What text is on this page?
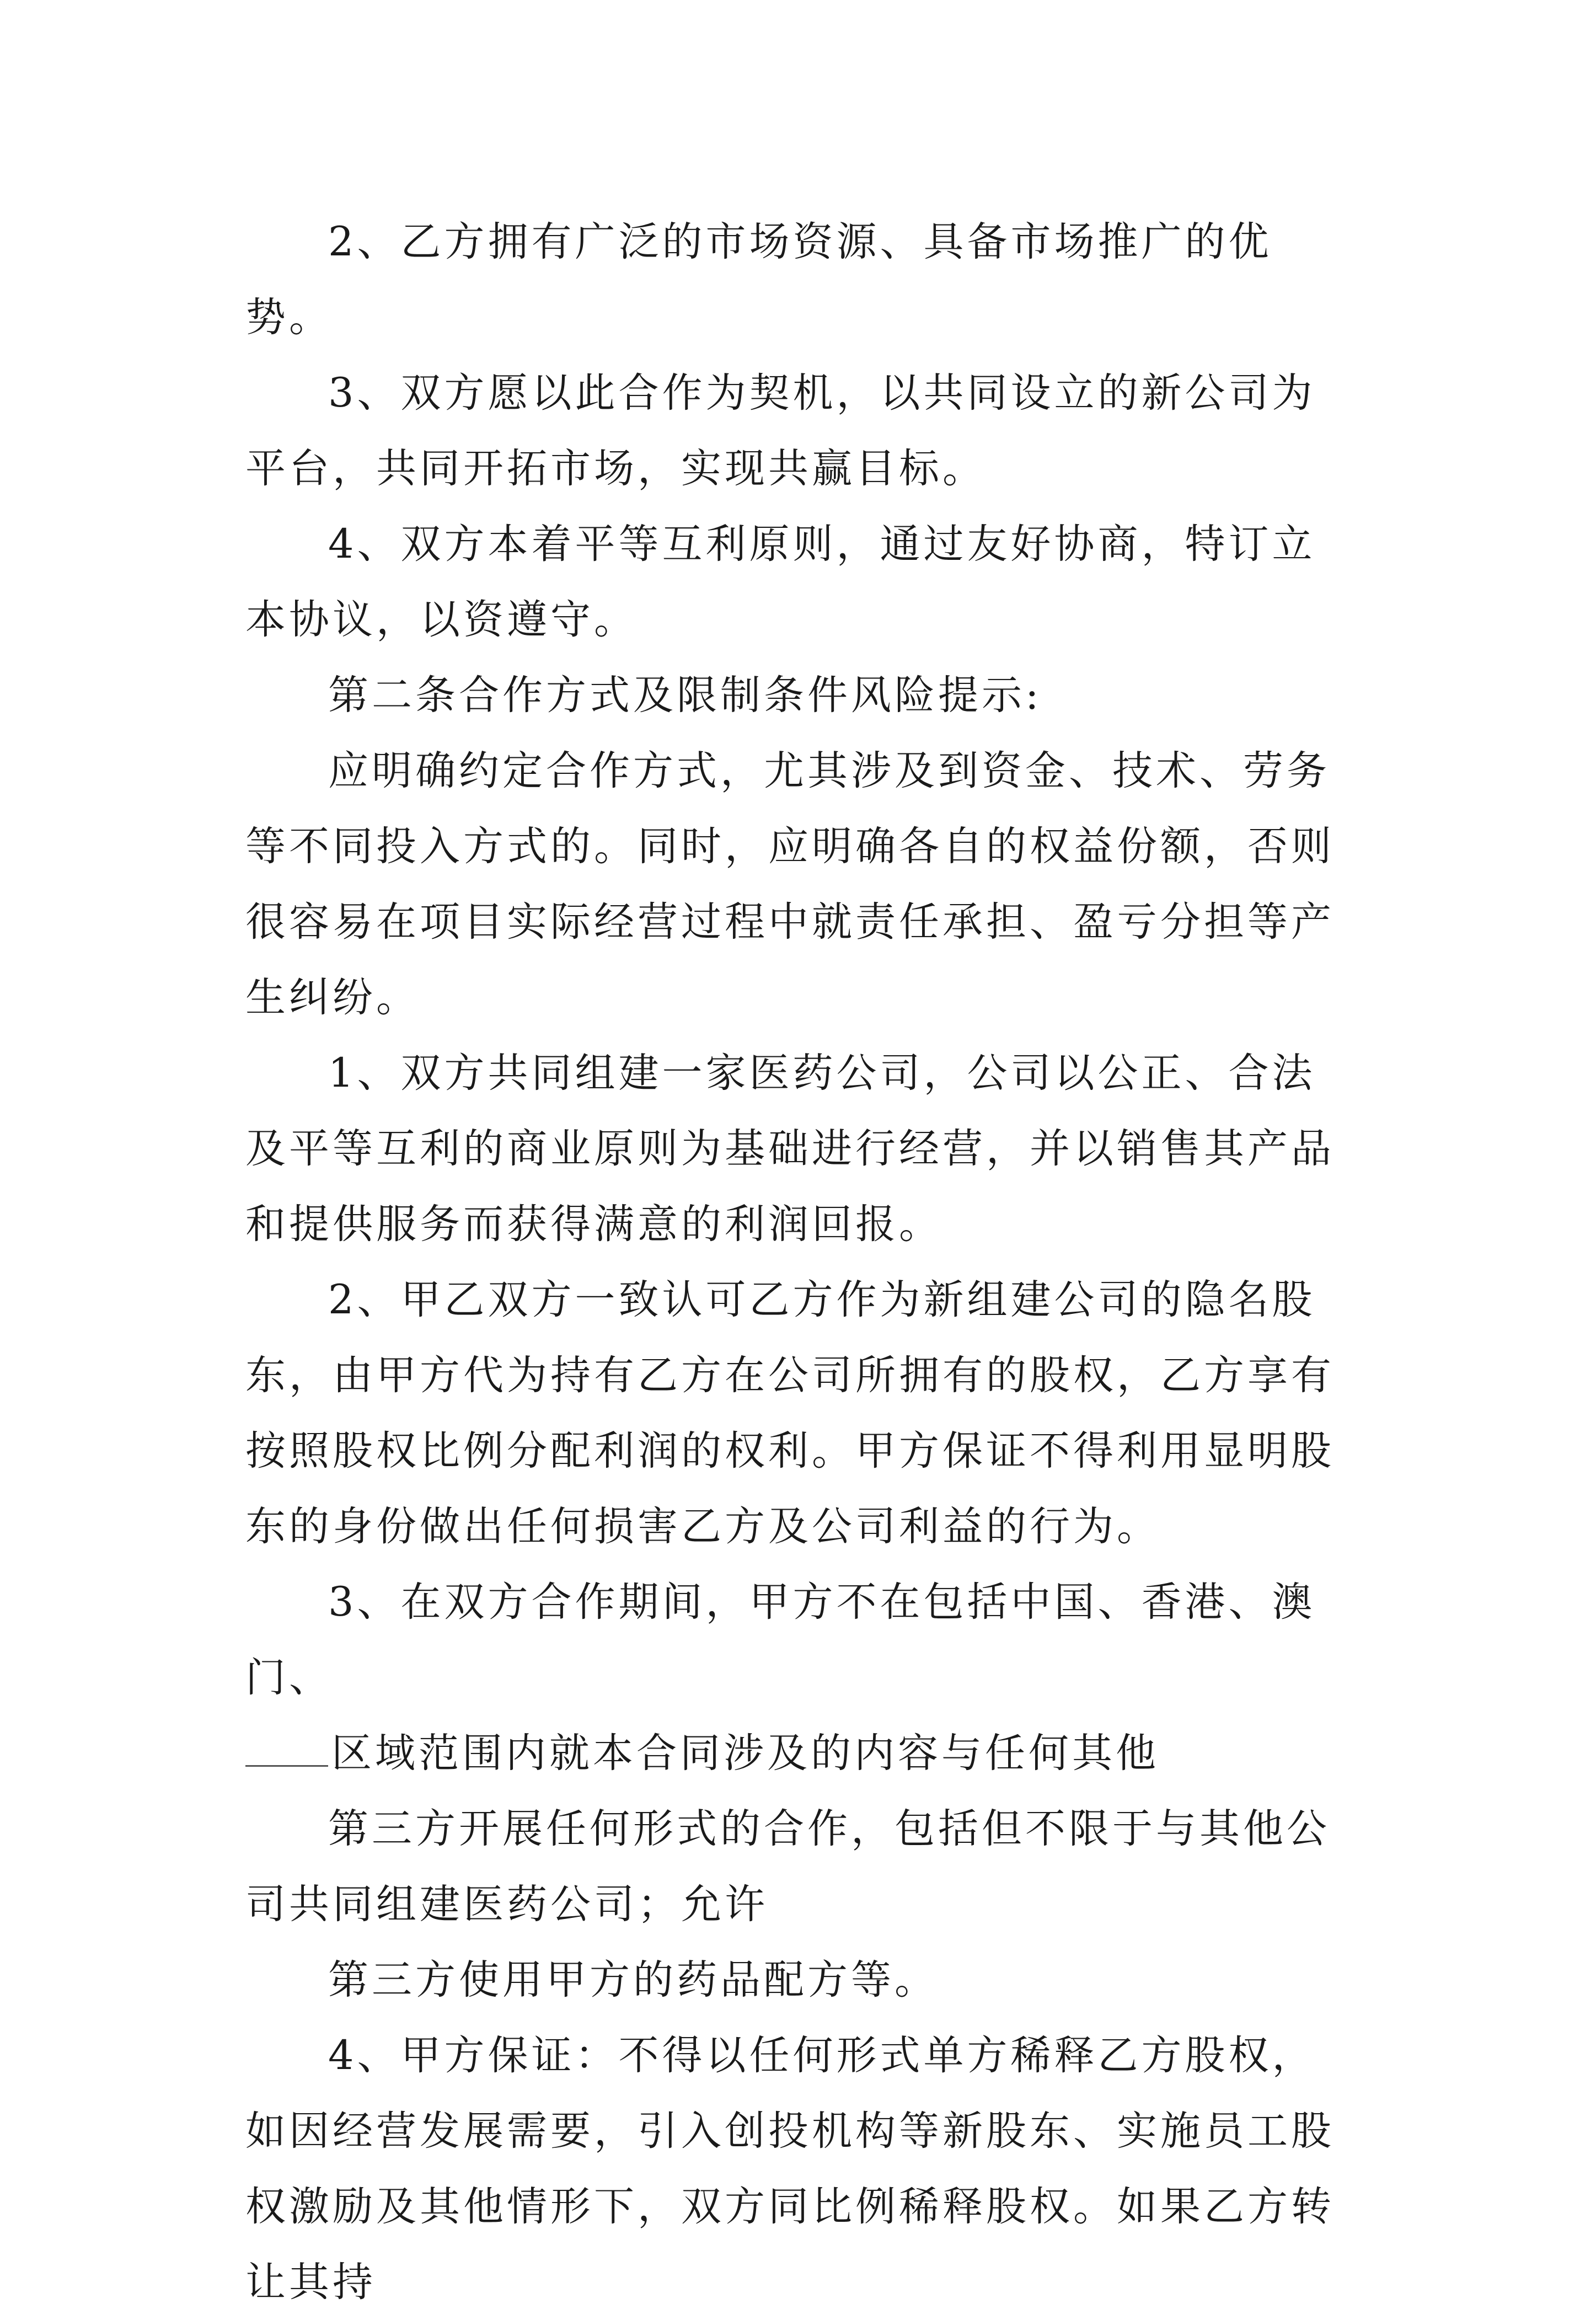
2、乙方拥有广泛的市场资源、具备市场推广的优势。

3、双方愿以此合作为契机，以共同设立的新公司为平台，共同开拓市场，实现共赢目标。

4、双方本着平等互利原则，通过友好协商，特订立本协议，以资遵守。

第二条合作方式及限制条件风险提示:

应明确约定合作方式，尤其涉及到资金、技术、劳务等不同投入方式的。同时，应明确各自的权益份额，否则很容易在项目实际经营过程中就责任承担、盈亏分担等产生纠纷。

1、双方共同组建一家医药公司，公司以公正、合法及平等互利的商业原则为基础进行经营，并以销售其产品和提供服务而获得满意的利润回报。

2、甲乙双方一致认可乙方作为新组建公司的隐名股东，由甲方代为持有乙方在公司所拥有的股权，乙方享有按照股权比例分配利润的权利。甲方保证不得利用显明股东的身份做出任何损害乙方及公司利益的行为。

3、在双方合作期间，甲方不在包括中国、香港、澳门、

区域范围内就本合同涉及的内容与任何其他

第三方开展任何形式的合作，包括但不限于与其他公司共同组建医药公司；允许

第三方使用甲方的药品配方等。

4、甲方保证：不得以任何形式单方稀释乙方股权，如因经营发展需要，引入创投机构等新股东、实施员工股权激励及其他情形下，双方同比例稀释股权。如果乙方转让其持
